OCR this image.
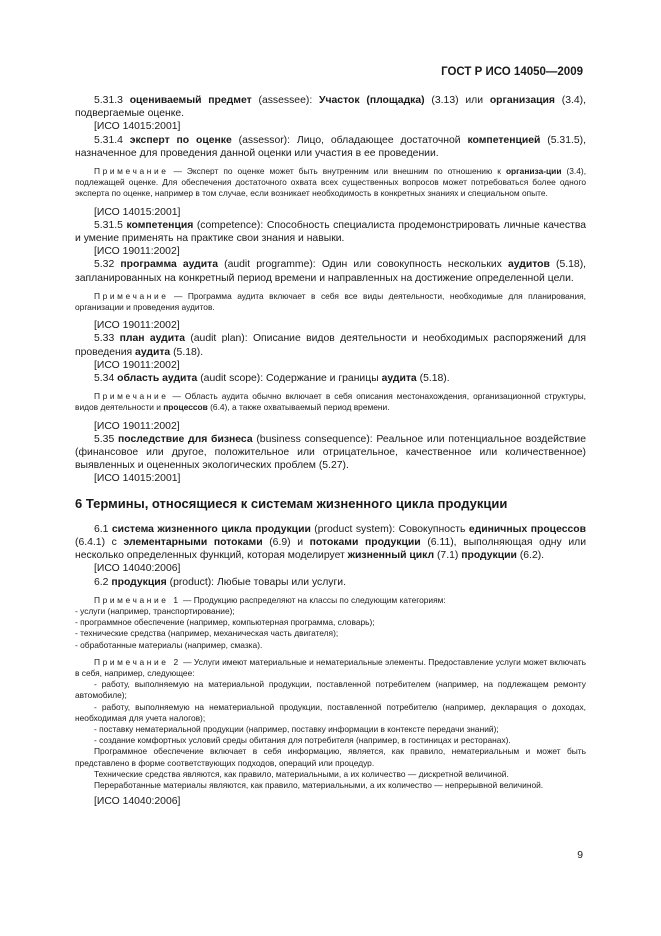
ГОСТ Р ИСО 14050—2009

5.31.3 оцениваемый предмет (assessee): Участок (площадка) (3.13) или организация (3.4), подвергаемые оценке.

[ИСО 14015:2001]

5.31.4 эксперт по оценке (assessor): Лицо, обладающее достаточной компетенцией (5.31.5), назначенное для проведения данной оценки или участия в ее проведении.

Примечание — Эксперт по оценке может быть внутренним или внешним по отношению к организа-ции (3.4), подлежащей оценке. Для обеспечения достаточного охвата всех существенных вопросов может потребоваться более одного эксперта по оценке, например в том случае, если возникает необходимость в конкретных знаниях и специальном опыте.

[ИСО 14015:2001]

5.31.5 компетенция (competence): Способность специалиста продемонстрировать личные качества и умение применять на практике свои знания и навыки.

[ИСО 19011:2002]

5.32 программа аудита (audit programme): Один или совокупность нескольких аудитов (5.18), запланированных на конкретный период времени и направленных на достижение определенной цели.

Примечание — Программа аудита включает в себя все виды деятельности, необходимые для планирования, организации и проведения аудитов.

[ИСО 19011:2002]

5.33 план аудита (audit plan): Описание видов деятельности и необходимых распоряжений для проведения аудита (5.18).

[ИСО 19011:2002]

5.34 область аудита (audit scope): Содержание и границы аудита (5.18).

Примечание — Область аудита обычно включает в себя описания местонахождения, организационной структуры, видов деятельности и процессов (6.4), а также охватываемый период времени.

[ИСО 19011:2002]

5.35 последствие для бизнеса (business consequence): Реальное или потенциальное воздействие (финансовое или другое, положительное или отрицательное, качественное или количественное) выявленных и оцененных экологических проблем (5.27).

[ИСО 14015:2001]

6 Термины, относящиеся к системам жизненного цикла продукции

6.1 система жизненного цикла продукции (product system): Совокупность единичных процессов (6.4.1) с элементарными потоками (6.9) и потоками продукции (6.11), выполняющая одну или несколько определенных функций, которая моделирует жизненный цикл (7.1) продукции (6.2).

[ИСО 14040:2006]

6.2 продукция (product): Любые товары или услуги.

Примечание 1 — Продукцию распределяют на классы по следующим категориям:

- услуги (например, транспортирование);

- программное обеспечение (например, компьютерная программа, словарь);

- технические средства (например, механическая часть двигателя);

- обработанные материалы (например, смазка).

Примечание 2 — Услуги имеют материальные и нематериальные элементы. Предоставление услуги может включать в себя, например, следующее:

- работу, выполняемую на материальной продукции, поставленной потребителем (например, на подлежащем ремонту автомобиле);

- работу, выполняемую на нематериальной продукции, поставленной потребителю (например, декларация о доходах, необходимая для учета налогов);

- поставку нематериальной продукции (например, поставку информации в контексте передачи знаний);

- создание комфортных условий среды обитания для потребителя (например, в гостиницах и ресторанах).

Программное обеспечение включает в себя информацию, является, как правило, нематериальным и может быть представлено в форме соответствующих подходов, операций или процедур.

Технические средства являются, как правило, материальными, а их количество — дискретной величиной.

Переработанные материалы являются, как правило, материальными, а их количество — непрерывной величиной.

[ИСО 14040:2006]

9
